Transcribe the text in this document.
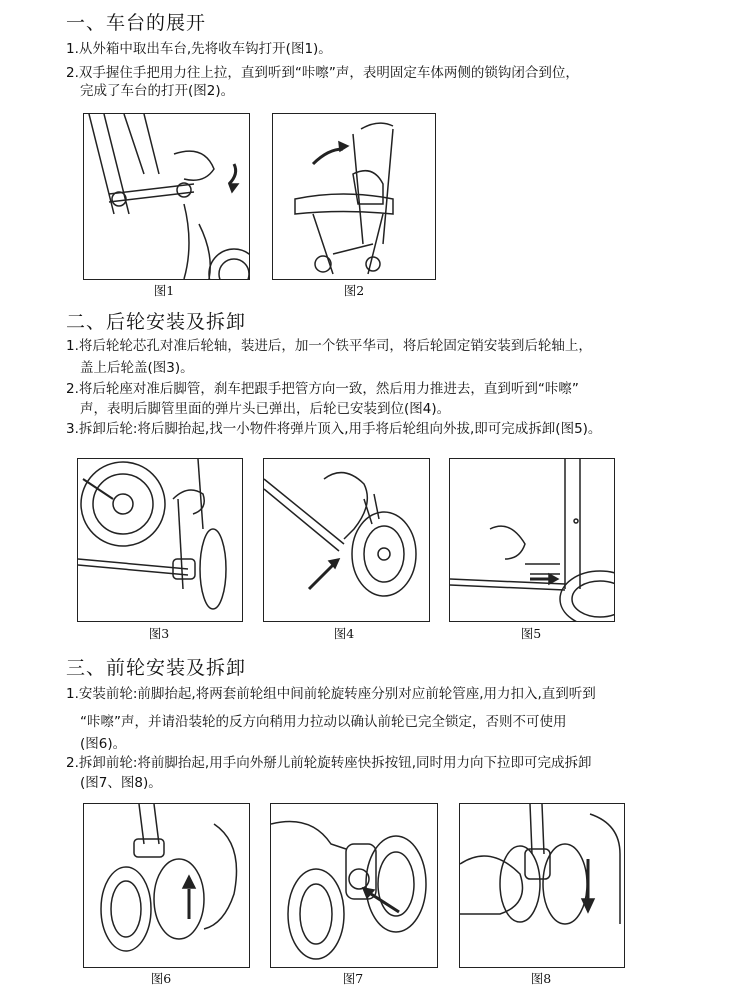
一、车台的展开
1.从外箱中取出车台,先将收车钩打开(图1)。
2.双手握住手把用力往上拉，直到听到“咔嚓”声，表明固定车体两侧的锁钩闭合到位，
完成了车台的打开(图2)。
图1	图2
二、后轮安装及拆卸
1.将后轮轮芯孔对准后轮轴，装进后，加一个铁平华司，将后轮固定销安装到后轮轴上，
盖上后轮盖(图3)。
2.将后轮座对准后脚管，刹车把跟手把管方向一致，然后用力推进去，直到听到“咔嚓”
声，表明后脚管里面的弹片头已弹出，后轮已安装到位(图4)。
3.拆卸后轮:将后脚抬起,找一小物件将弹片顶入,用手将后轮组向外拔,即可完成拆卸(图5)。
图3	图4	图5
三、前轮安装及拆卸
1.安装前轮:前脚抬起,将两套前轮组中间前轮旋转座分别对应前轮管座,用力扣入,直到听到
“咔嚓”声，并请沿装轮的反方向稍用力拉动以确认前轮已完全锁定，否则不可使用
(图6)。
2.拆卸前轮:将前脚抬起,用手向外掰儿前轮旋转座快拆按钮,同时用力向下拉即可完成拆卸
(图7、图8)。
图6	图7	图8
